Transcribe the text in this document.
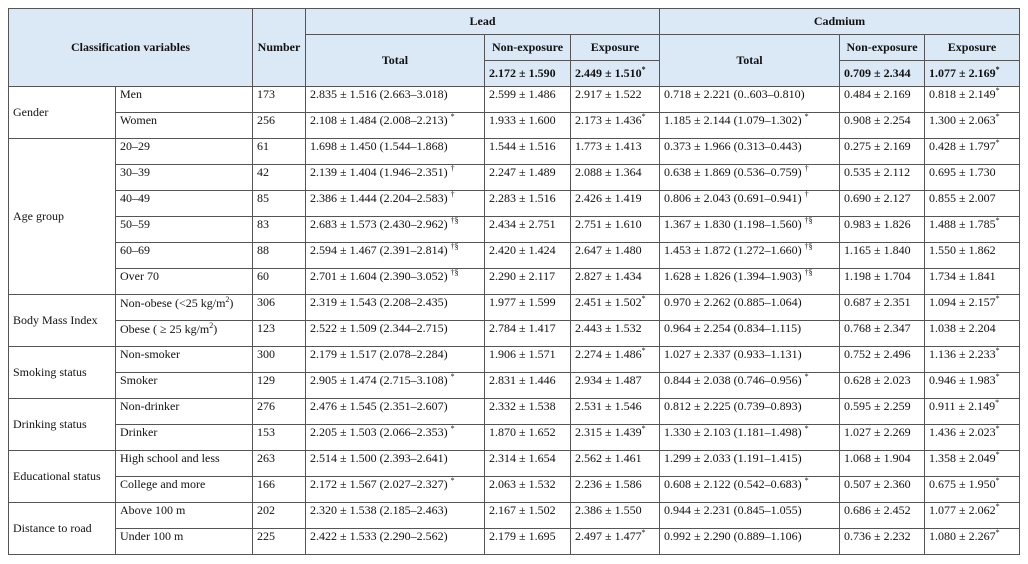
Classification variables		Number	Lead			Cadmium		
			Total	Non-exposure	Exposure	Total	Non-exposure	Exposure
				2.172 ± 1.590	2.449 ± 1.510*		0.709 ± 2.344	1.077 ± 2.169*
Gender	Men	173	2.835 ± 1.516 (2.663–3.018)	2.599 ± 1.486	2.917 ± 1.522	0.718 ± 2.221 (0..603–0.810)	0.484 ± 2.169	0.818 ± 2.149*
	Women	256	2.108 ± 1.484 (2.008–2.213) *	1.933 ± 1.600	2.173 ± 1.436*	1.185 ± 2.144 (1.079–1.302) *	0.908 ± 2.254	1.300 ± 2.063*
Age group	20–29	61	1.698 ± 1.450 (1.544–1.868)	1.544 ± 1.516	1.773 ± 1.413	0.373 ± 1.966 (0.313–0.443)	0.275 ± 2.169	0.428 ± 1.797*
	30–39	42	2.139 ± 1.404 (1.946–2.351) †	2.247 ± 1.489	2.088 ± 1.364	0.638 ± 1.869 (0.536–0.759) †	0.535 ± 2.112	0.695 ± 1.730
	40–49	85	2.386 ± 1.444 (2.204–2.583) †	2.283 ± 1.516	2.426 ± 1.419	0.806 ± 2.043 (0.691–0.941) †	0.690 ± 2.127	0.855 ± 2.007
	50–59	83	2.683 ± 1.573 (2.430–2.962) †§	2.434 ± 2.751	2.751 ± 1.610	1.367 ± 1.830 (1.198–1.560) †§	0.983 ± 1.826	1.488 ± 1.785*
	60–69	88	2.594 ± 1.467 (2.391–2.814) †§	2.420 ± 1.424	2.647 ± 1.480	1.453 ± 1.872 (1.272–1.660) †§	1.165 ± 1.840	1.550 ± 1.862
	Over 70	60	2.701 ± 1.604 (2.390–3.052) †§	2.290 ± 2.117	2.827 ± 1.434	1.628 ± 1.826 (1.394–1.903) †§	1.198 ± 1.704	1.734 ± 1.841
Body Mass Index	Non-obese (<25 $kg/m^2$)	306	2.319 ± 1.543 (2.208–2.435)	1.977 ± 1.599	2.451 ± 1.502*	0.970 ± 2.262 (0.885–1.064)	0.687 ± 2.351	1.094 ± 2.157*
	Obese ( ≥ 25 $kg/m^2$)	123	2.522 ± 1.509 (2.344–2.715)	2.784 ± 1.417	2.443 ± 1.532	0.964 ± 2.254 (0.834–1.115)	0.768 ± 2.347	1.038 ± 2.204
Smoking status	Non-smoker	300	2.179 ± 1.517 (2.078–2.284)	1.906 ± 1.571	2.274 ± 1.486*	1.027 ± 2.337 (0.933–1.131)	0.752 ± 2.496	1.136 ± 2.233*
	Smoker	129	2.905 ± 1.474 (2.715–3.108) *	2.831 ± 1.446	2.934 ± 1.487	0.844 ± 2.038 (0.746–0.956) *	0.628 ± 2.023	0.946 ± 1.983*
Drinking status	Non-drinker	276	2.476 ± 1.545 (2.351–2.607)	2.332 ± 1.538	2.531 ± 1.546	0.812 ± 2.225 (0.739–0.893)	0.595 ± 2.259	0.911 ± 2.149*
	Drinker	153	2.205 ± 1.503 (2.066–2.353) *	1.870 ± 1.652	2.315 ± 1.439*	1.330 ± 2.103 (1.181–1.498) *	1.027 ± 2.269	1.436 ± 2.023*
Educational status	High school and less	263	2.514 ± 1.500 (2.393–2.641)	2.314 ± 1.654	2.562 ± 1.461	1.299 ± 2.033 (1.191–1.415)	1.068 ± 1.904	1.358 ± 2.049*
	College and more	166	2.172 ± 1.567 (2.027–2.327) *	2.063 ± 1.532	2.236 ± 1.586	0.608 ± 2.122 (0.542–0.683) *	0.507 ± 2.360	0.675 ± 1.950*
Distance to road	Above 100 m	202	2.320 ± 1.538 (2.185–2.463)	2.167 ± 1.502	2.386 ± 1.550	0.944 ± 2.231 (0.845–1.055)	0.686 ± 2.452	1.077 ± 2.062*
	Under 100 m	225	2.422 ± 1.533 (2.290–2.562)	2.179 ± 1.695	2.497 ± 1.477*	0.992 ± 2.290 (0.889–1.106)	0.736 ± 2.232	1.080 ± 2.267*
